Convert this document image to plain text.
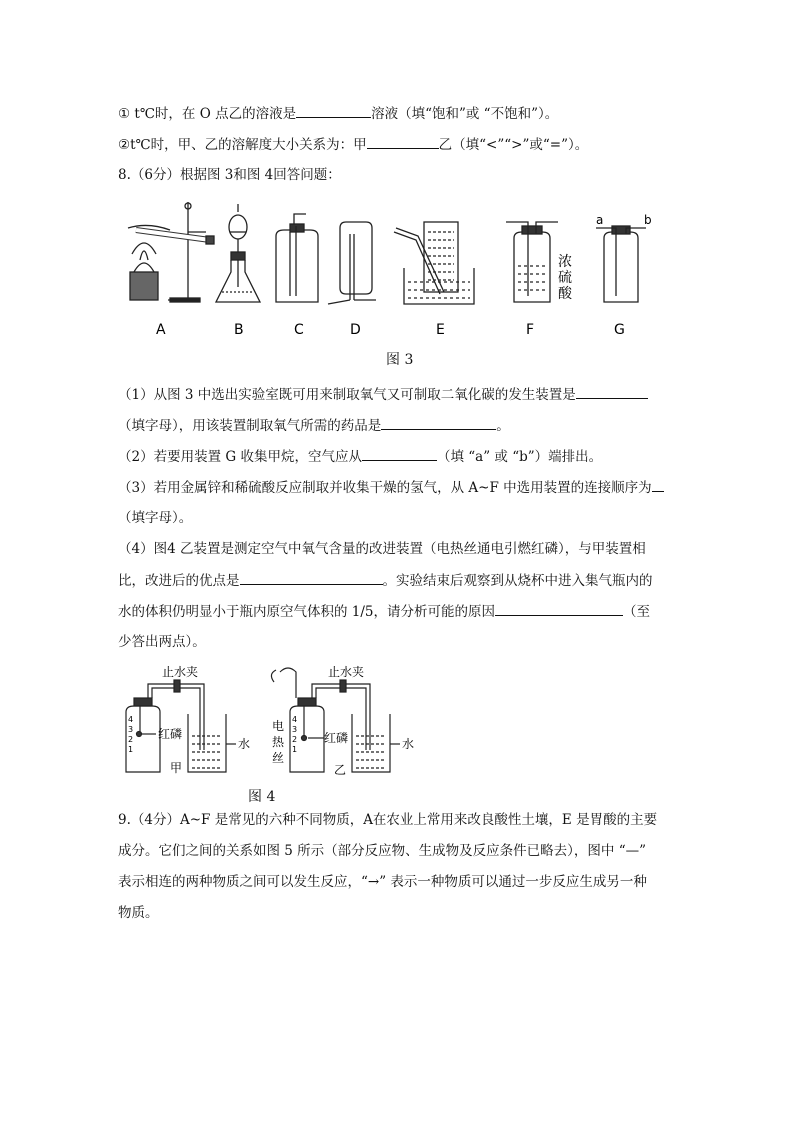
① t℃时，在 O 点乙的溶液是	溶液（填“饱和”或 “不饱和”）。
②t℃时，甲、乙的溶解度大小关系为：甲	乙（填“<”“>”或“=”）。
8.（6分）根据图 3和图 4回答问题：
A	B	C	D	E	F	G
浓
硫
酸
a	b
图 3
（1）从图 3 中选出实验室既可用来制取氧气又可制取二氧化碳的发生装置是
（填字母），用该装置制取氧气所需的药品是	。
（2）若要用装置 G 收集甲烷，空气应从	（填 “a” 或 “b”）端排出。
（3）若用金属锌和稀硫酸反应制取并收集干燥的氢气，从 A~F 中选用装置的连接顺序为
（填字母）。
（4）图4 乙装置是测定空气中氧气含量的改进装置（电热丝通电引燃红磷），与甲装置相
比，改进后的优点是	。实验结束后观察到从烧杯中进入集气瓶内的
水的体积仍明显小于瓶内原空气体积的 1/5，请分析可能的原因	（至
少答出两点）。
止水夹	止水夹
红磷	红磷
水	水
4
3
2
1
4
3
2
1
电
热
丝
甲	乙
图 4
9.（4分）A~F 是常见的六种不同物质，A在农业上常用来改良酸性土壤，E 是胃酸的主要
成分。它们之间的关系如图 5 所示（部分反应物、生成物及反应条件已略去），图中 “—”
表示相连的两种物质之间可以发生反应，“→” 表示一种物质可以通过一步反应生成另一种
物质。
